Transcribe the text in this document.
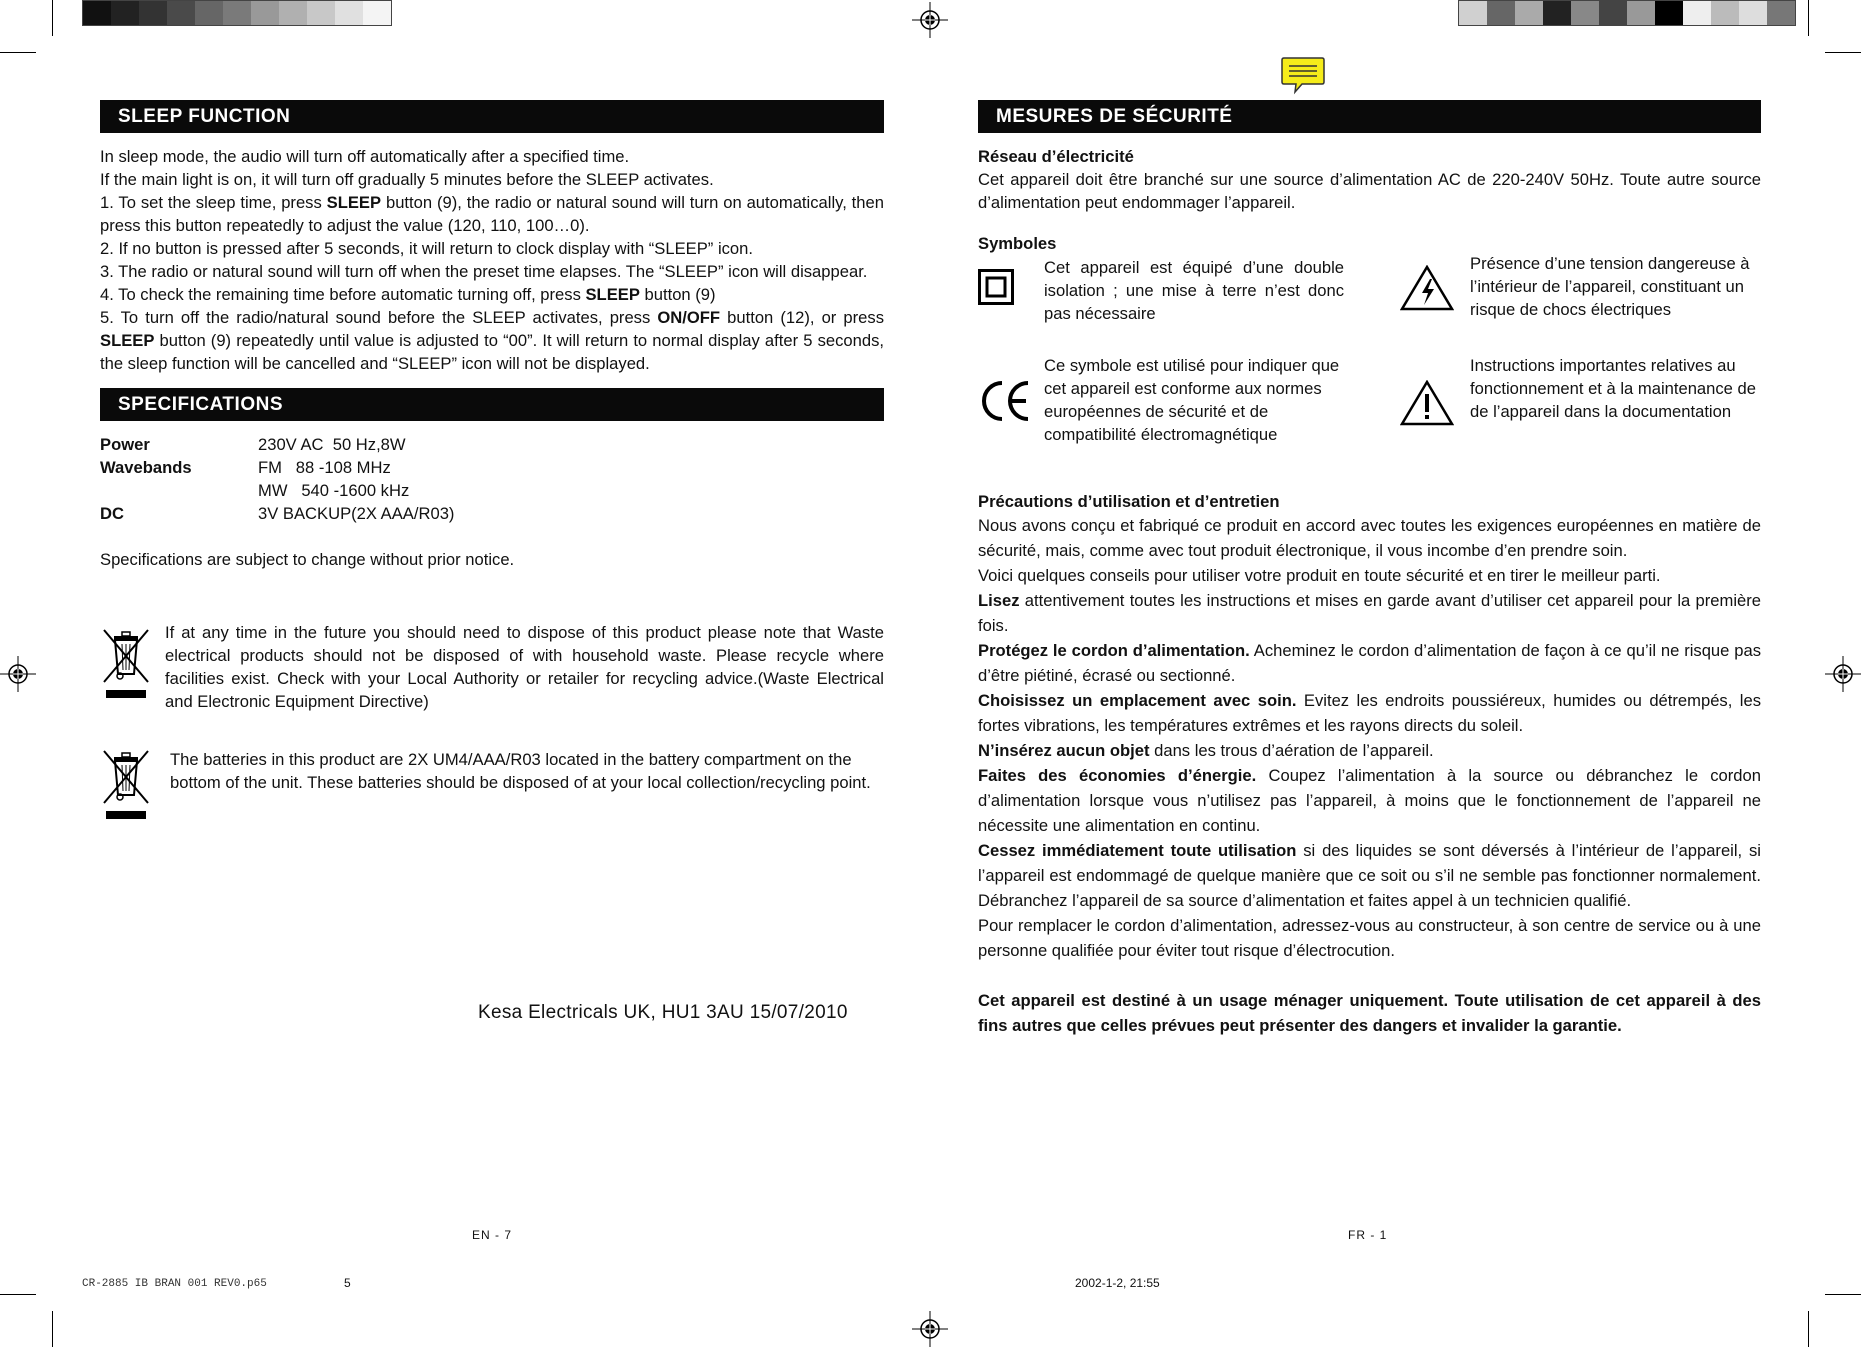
SLEEP FUNCTION

In sleep mode, the audio will turn off automatically after a specified time.

If the main light is on, it will turn off gradually 5 minutes before the SLEEP activates.

1. To set the sleep time, press SLEEP button (9), the radio or natural sound will turn on automatically, then press this button repeatedly to adjust the value (120, 110, 100…0).

2. If no button is pressed after 5 seconds, it will return to clock display with “SLEEP” icon.

3. The radio or natural sound will turn off when the preset time elapses. The “SLEEP” icon will disappear.

4. To check the remaining time before automatic turning off, press SLEEP button (9)

5. To turn off the radio/natural sound before the SLEEP activates, press ON/OFF button (12), or press SLEEP button (9) repeatedly until value is adjusted to “00”. It will return to normal display after 5 seconds, the sleep function will be cancelled and “SLEEP” icon will not be displayed.

SPECIFICATIONS
Power	230V AC  50 Hz,8W
Wavebands	FM   88 -108 MHz
MW   540 -1600 kHz
DC	3V BACKUP(2X AAA/R03)

Specifications are subject to change without prior notice.

If at any time in the future you should need to dispose of this product please note that Waste electrical products should not be disposed of with household waste. Please recycle where facilities exist. Check with your Local Authority or retailer for recycling advice.(Waste Electrical and Electronic Equipment Directive)

The batteries in this product are 2X UM4/AAA/R03 located in the battery compartment on the bottom of the unit. These batteries should be disposed of at your local collection/recycling point.

Kesa Electricals UK, HU1 3AU 15/07/2010
EN - 7
MESURES DE SÉCURITÉ
Réseau d’électricité

Cet appareil doit être branché sur une source d’alimentation AC de 220-240V 50Hz. Toute autre source d’alimentation peut endommager l’appareil.

Symboles

Cet appareil est équipé d’une double isolation ; une mise à terre n’est donc pas nécessaire

Présence d’une tension dangereuse à l’intérieur de l’appareil, constituant un risque de chocs électriques

Ce symbole est utilisé pour indiquer que cet appareil est conforme aux normes européennes de sécurité et de compatibilité électromagnétique

Instructions importantes relatives au fonctionnement et à la maintenance de de l’appareil dans la documentation

Précautions d’utilisation et d’entretien

Nous avons conçu et fabriqué ce produit en accord avec toutes les exigences européennes en matière de sécurité, mais, comme avec tout produit électronique, il vous incombe d’en prendre soin.

Voici quelques conseils pour utiliser votre produit en toute sécurité et en tirer le meilleur parti.

Lisez attentivement toutes les instructions et mises en garde avant d’utiliser cet appareil pour la première fois.

Protégez le cordon d’alimentation. Acheminez le cordon d’alimentation de façon à ce qu’il ne risque pas d’être piétiné, écrasé ou sectionné.

Choisissez un emplacement avec soin. Evitez les endroits poussiéreux, humides ou détrempés, les fortes vibrations, les températures extrêmes et les rayons directs du soleil.

N’insérez aucun objet dans les trous d’aération de l’appareil.

Faites des économies d’énergie. Coupez l’alimentation à la source ou débranchez le cordon d’alimentation lorsque vous n’utilisez pas l’appareil, à moins que le fonctionnement de l’appareil ne nécessite une alimentation en continu.

Cessez immédiatement toute utilisation si des liquides se sont déversés à l’intérieur de l’appareil, si l’appareil est endommagé de quelque manière que ce soit ou s’il ne semble pas fonctionner normalement. Débranchez l’appareil de sa source d’alimentation et faites appel à un technicien qualifié.

Pour remplacer le cordon d’alimentation, adressez-vous au constructeur, à son centre de service ou à une personne qualifiée pour éviter tout risque d’électrocution.

Cet appareil est destiné à un usage ménager uniquement. Toute utilisation de cet appareil à des fins autres que celles prévues peut présenter des dangers et invalider la garantie.

FR - 1
CR-2885 IB BRAN 001 REV0.p65	5	2002-1-2, 21:55
